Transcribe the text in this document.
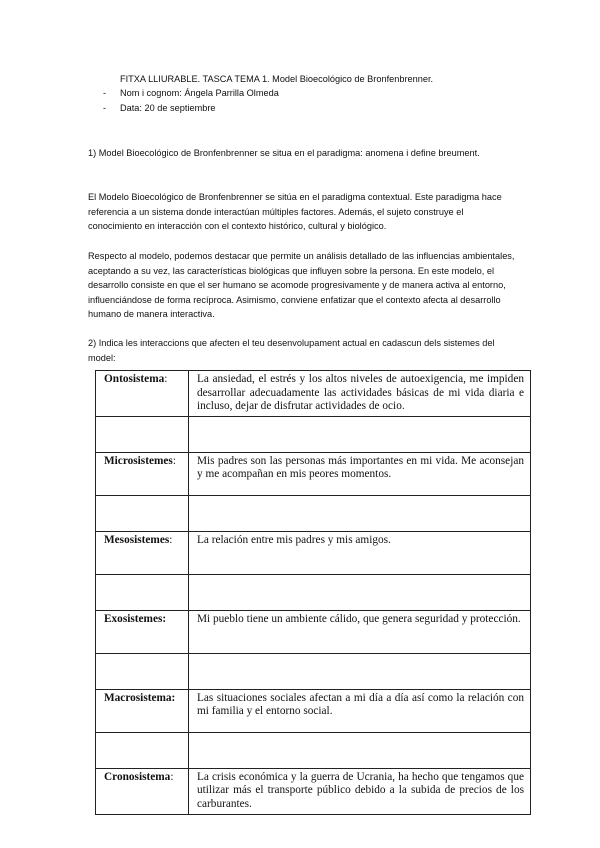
FITXA LLIURABLE. TASCA TEMA 1. Model Bioecológico de Bronfenbrenner.

- Nom i cognom: Ángela Parrilla Olmeda
- Data: 20 de septiembre

1) Model Bioecológico de Bronfenbrenner se situa en el paradigma: anomena i define breument.

El Modelo Bioecológico de Bronfenbrenner se sitúa en el paradigma contextual. Este paradigma hace referencia a un sistema donde interactúan múltiples factores. Además, el sujeto construye el conocimiento en interacción con el contexto histórico, cultural y biológico.

Respecto al modelo, podemos destacar que permite un análisis detallado de las influencias ambientales, aceptando a su vez, las características biológicas que influyen sobre la persona. En este modelo, el desarrollo consiste en que el ser humano se acomode progresivamente y de manera activa al entorno, influenciándose de forma recíproca. Asimismo, conviene enfatizar que el contexto afecta al desarrollo humano de manera interactiva.

2) Indica les interaccions que afecten el teu desenvolupament actual en cadascun dels sistemes del model:

Ontosistema:	La ansiedad, el estrés y los altos niveles de autoexigencia, me impiden desarrollar adecuadamente las actividades básicas de mi vida diaria e incluso, dejar de disfrutar actividades de ocio.

Microsistemes:	Mis padres son las personas más importantes en mi vida. Me aconsejan y me acompañan en mis peores momentos.

Mesosistemes:	La relación entre mis padres y mis amigos.

Exosistemes:	Mi pueblo tiene un ambiente cálido, que genera seguridad y protección.

Macrosistema:	Las situaciones sociales afectan a mi día a día así como la relación con mi familia y el entorno social.

Cronosistema:	La crisis económica y la guerra de Ucrania, ha hecho que tengamos que utilizar más el transporte público debido a la subida de precios de los carburantes.
